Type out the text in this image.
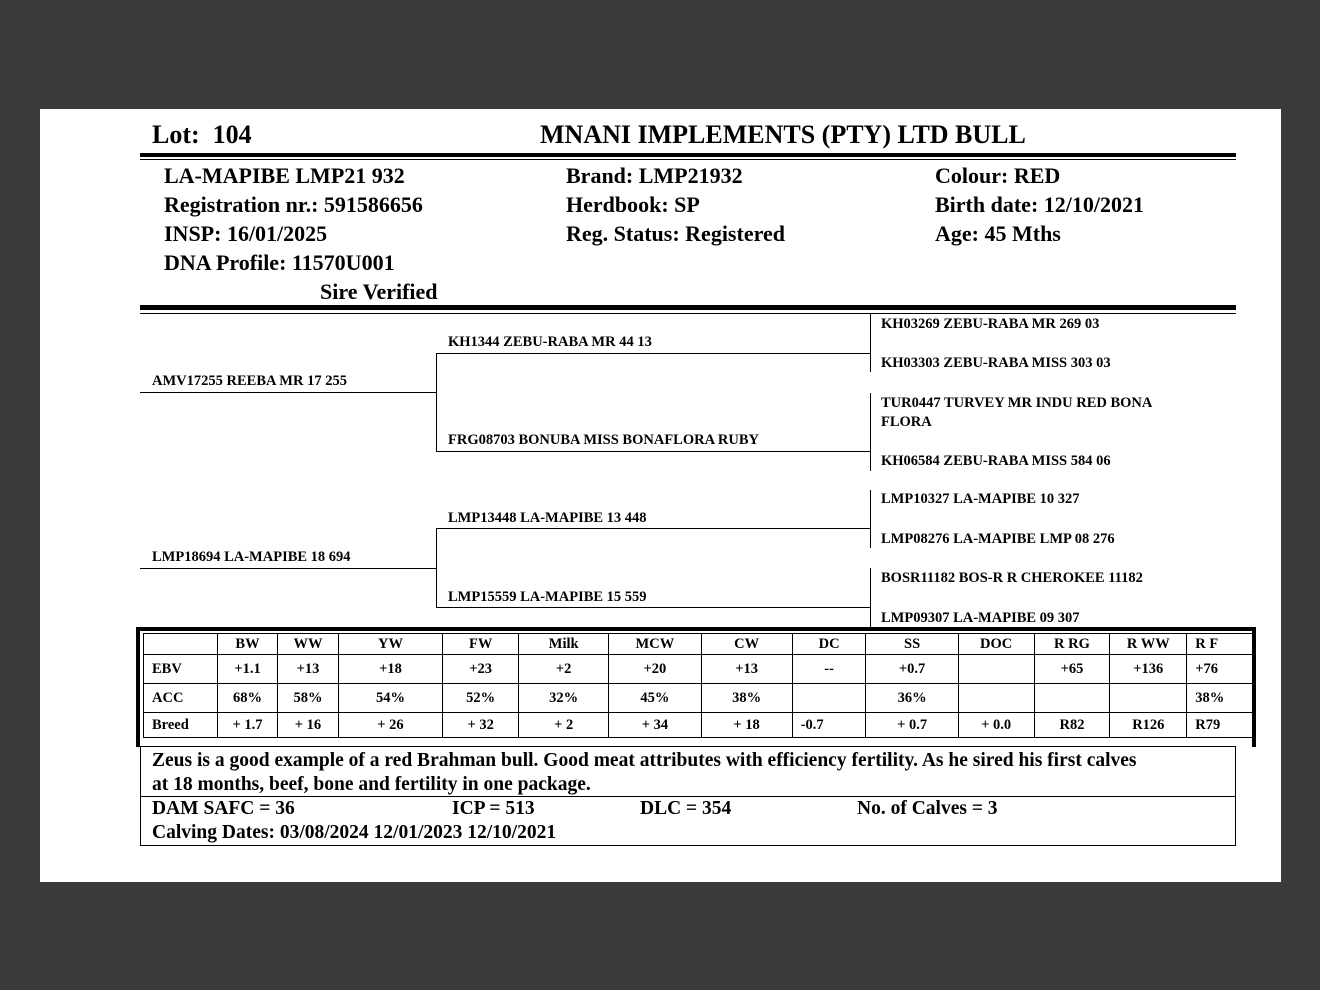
Lot: 104	MNANI IMPLEMENTS (PTY) LTD BULL
LA-MAPIBE LMP21 932
Registration nr.: 591586656
INSP: 16/01/2025
DNA Profile: 11570U001
Sire Verified
Brand: LMP21932
Herdbook: SP
Reg. Status: Registered
Colour: RED
Birth date: 12/10/2021
Age: 45 Mths
AMV17255 REEBA MR 17 255
LMP18694 LA-MAPIBE 18 694
KH1344 ZEBU-RABA MR 44 13
FRG08703 BONUBA MISS BONAFLORA RUBY
LMP13448 LA-MAPIBE 13 448
LMP15559 LA-MAPIBE 15 559
KH03269 ZEBU-RABA MR 269 03
KH03303 ZEBU-RABA MISS 303 03
TUR0447 TURVEY MR INDU RED BONA
FLORA
KH06584 ZEBU-RABA MISS 584 06
LMP10327 LA-MAPIBE 10 327
LMP08276 LA-MAPIBE LMP 08 276
BOSR11182 BOS-R R CHEROKEE 11182
LMP09307 LA-MAPIBE 09 307
	BW	WW	YW	FW	Milk	MCW	CW	DC	SS	DOC	R RG	R WW	R F
EBV	+1.1	+13	+18	+23	+2	+20	+13	--	+0.7		+65	+136	+76
ACC	68%	58%	54%	52%	32%	45%	38%		36%				38%
Breed	+ 1.7	+ 16	+ 26	+ 32	+ 2	+ 34	+ 18	-0.7	+ 0.7	+ 0.0	R82	R126	R79
Zeus is a good example of a red Brahman bull. Good meat attributes with efficiency fertility. As he sired his first calves
at 18 months, beef, bone and fertility in one package.
DAM SAFC = 36	ICP = 513	DLC = 354	No. of Calves = 3
Calving Dates: 03/08/2024 12/01/2023 12/10/2021
